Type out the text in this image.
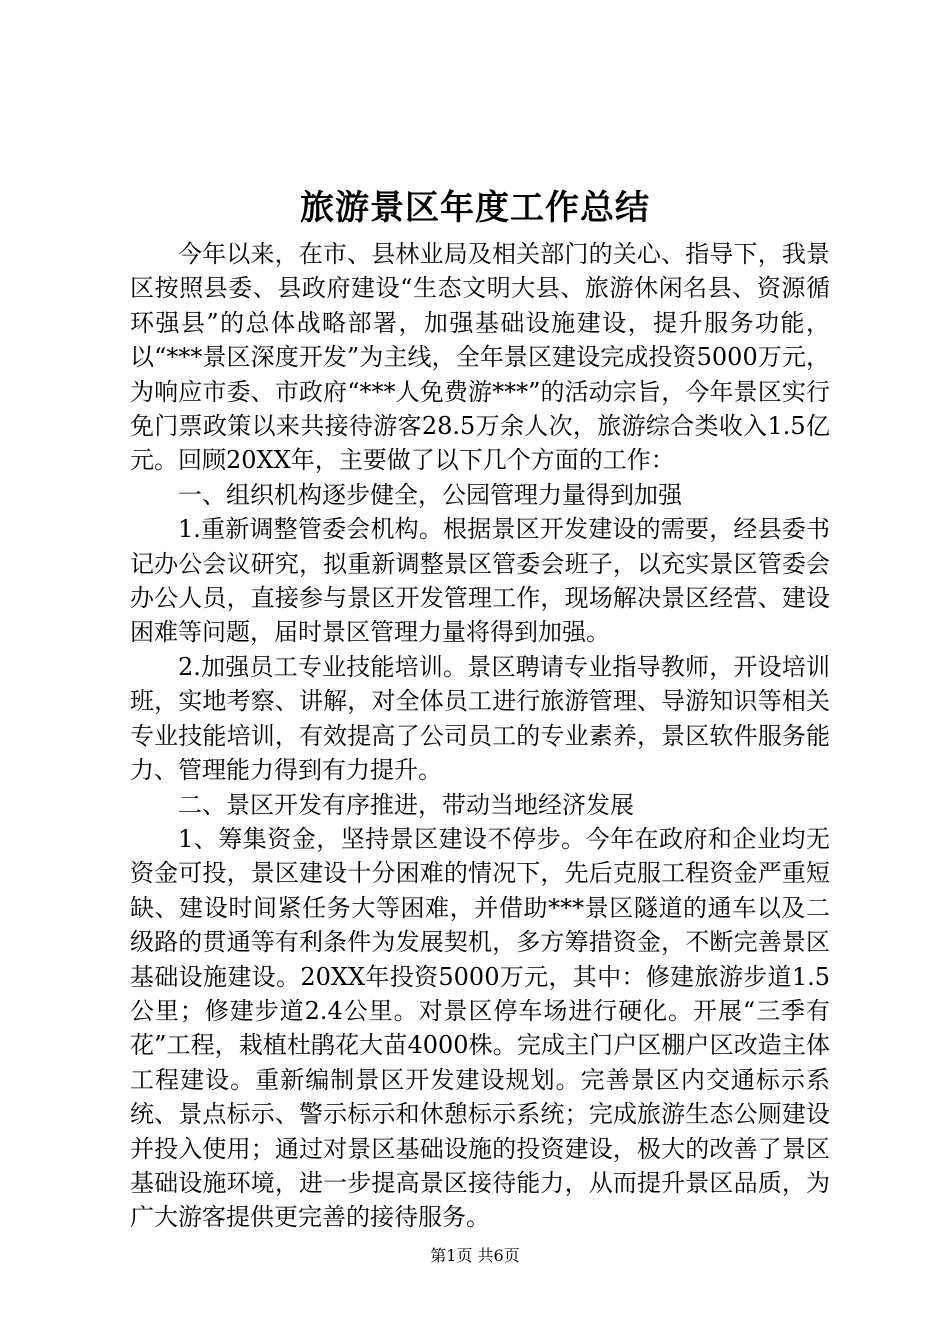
旅游景区年度工作总结

今年以来，在市、县林业局及相关部门的关心、指导下，我景区按照县委、县政府建设“生态文明大县、旅游休闲名县、资源循环强县”的总体战略部署，加强基础设施建设，提升服务功能，以“***景区深度开发”为主线，全年景区建设完成投资5000万元，为响应市委、市政府“***人免费游***”的活动宗旨，今年景区实行免门票政策以来共接待游客28.5万余人次，旅游综合类收入1.5亿元。回顾20XX年，主要做了以下几个方面的工作：

一、组织机构逐步健全，公园管理力量得到加强

1.重新调整管委会机构。根据景区开发建设的需要，经县委书记办公会议研究，拟重新调整景区管委会班子，以充实景区管委会办公人员，直接参与景区开发管理工作，现场解决景区经营、建设困难等问题，届时景区管理力量将得到加强。

2.加强员工专业技能培训。景区聘请专业指导教师，开设培训班，实地考察、讲解，对全体员工进行旅游管理、导游知识等相关专业技能培训，有效提高了公司员工的专业素养，景区软件服务能力、管理能力得到有力提升。

二、景区开发有序推进，带动当地经济发展

1、筹集资金，坚持景区建设不停步。今年在政府和企业均无资金可投，景区建设十分困难的情况下，先后克服工程资金严重短缺、建设时间紧任务大等困难，并借助***景区隧道的通车以及二级路的贯通等有利条件为发展契机，多方筹措资金，不断完善景区基础设施建设。20XX年投资5000万元，其中：修建旅游步道1.5公里；修建步道2.4公里。对景区停车场进行硬化。开展“三季有花”工程，栽植杜鹃花大苗4000株。完成主门户区棚户区改造主体工程建设。重新编制景区开发建设规划。完善景区内交通标示系统、景点标示、警示标示和休憩标示系统；完成旅游生态公厕建设并投入使用；通过对景区基础设施的投资建设，极大的改善了景区基础设施环境，进一步提高景区接待能力，从而提升景区品质，为广大游客提供更完善的接待服务。

第1页 共6页
